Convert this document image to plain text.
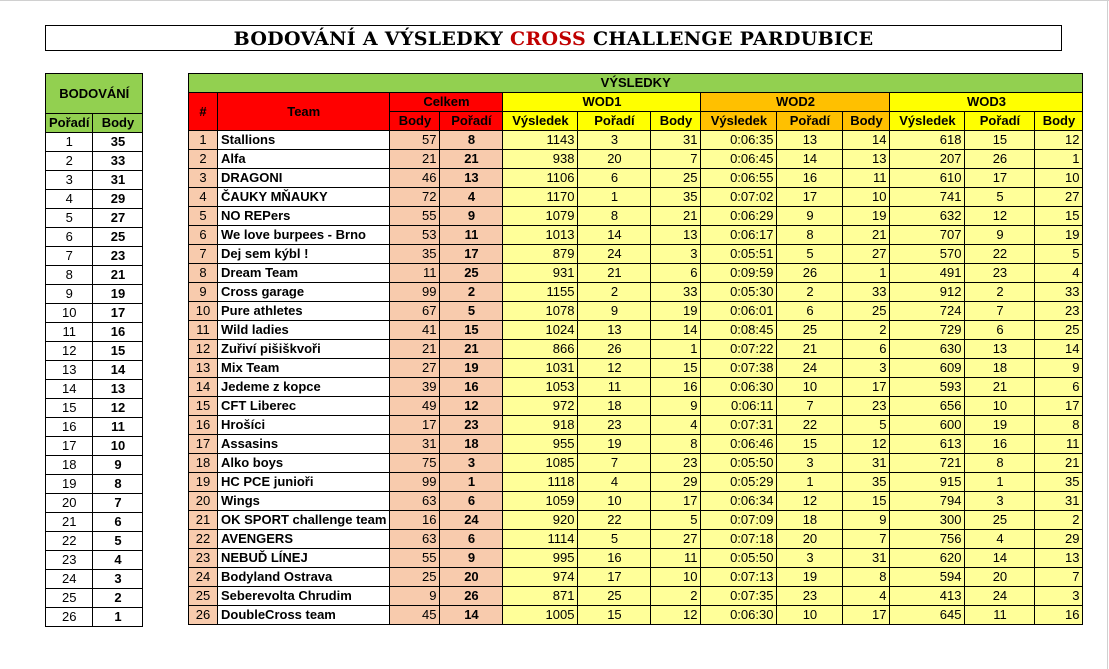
BODOVÁNÍ A VÝSLEDKY CROSS CHALLENGE PARDUBICE
BODOVÁNÍ	
Pořadí	Body
1	35
2	33
3	31
4	29
5	27
6	25
7	23
8	21
9	19
10	17
11	16
12	15
13	14
14	13
15	12
16	11
17	10
18	9
19	8
20	7
21	6
22	5
23	4
24	3
25	2
26	1
VÝSLEDKY												
#	Team	Celkem		WOD1			WOD2			WOD3		
		Body	Pořadí	Výsledek	Pořadí	Body	Výsledek	Pořadí	Body	Výsledek	Pořadí	Body
1	Stallions	57	8	1143	3	31	0:06:35	13	14	618	15	12
2	Alfa	21	21	938	20	7	0:06:45	14	13	207	26	1
3	DRAGONI	46	13	1106	6	25	0:06:55	16	11	610	17	10
4	ČAUKY MŇAUKY	72	4	1170	1	35	0:07:02	17	10	741	5	27
5	NO REPers	55	9	1079	8	21	0:06:29	9	19	632	12	15
6	We love burpees - Brno	53	11	1013	14	13	0:06:17	8	21	707	9	19
7	Dej sem kýbl !	35	17	879	24	3	0:05:51	5	27	570	22	5
8	Dream Team	11	25	931	21	6	0:09:59	26	1	491	23	4
9	Cross garage	99	2	1155	2	33	0:05:30	2	33	912	2	33
10	Pure athletes	67	5	1078	9	19	0:06:01	6	25	724	7	23
11	Wild ladies	41	15	1024	13	14	0:08:45	25	2	729	6	25
12	Zuřiví pišiškvoři	21	21	866	26	1	0:07:22	21	6	630	13	14
13	Mix Team	27	19	1031	12	15	0:07:38	24	3	609	18	9
14	Jedeme z kopce	39	16	1053	11	16	0:06:30	10	17	593	21	6
15	CFT Liberec	49	12	972	18	9	0:06:11	7	23	656	10	17
16	Hrošíci	17	23	918	23	4	0:07:31	22	5	600	19	8
17	Assasins	31	18	955	19	8	0:06:46	15	12	613	16	11
18	Alko boys	75	3	1085	7	23	0:05:50	3	31	721	8	21
19	HC PCE junioři	99	1	1118	4	29	0:05:29	1	35	915	1	35
20	Wings	63	6	1059	10	17	0:06:34	12	15	794	3	31
21	OK SPORT challenge team	16	24	920	22	5	0:07:09	18	9	300	25	2
22	AVENGERS	63	6	1114	5	27	0:07:18	20	7	756	4	29
23	NEBUĎ LÍNEJ	55	9	995	16	11	0:05:50	3	31	620	14	13
24	Bodyland Ostrava	25	20	974	17	10	0:07:13	19	8	594	20	7
25	Seberevolta Chrudim	9	26	871	25	2	0:07:35	23	4	413	24	3
26	DoubleCross team	45	14	1005	15	12	0:06:30	10	17	645	11	16
